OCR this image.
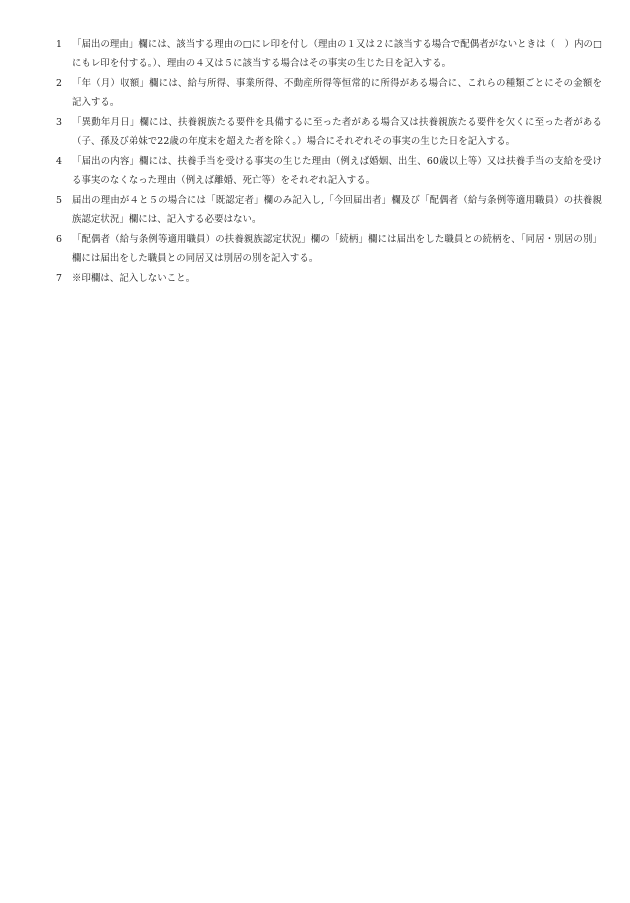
1	「届出の理由」欄には、該当する理由の□にレ印を付し（理由の１又は２に該当する場合で配偶者がないときは（　）内の□にもレ印を付する。）、理由の４又は５に該当する場合はその事実の生じた日を記入する。
2	「年（月）収額」欄には、給与所得、事業所得、不動産所得等恒常的に所得がある場合に、これらの種類ごとにその金額を記入する。
3	「異動年月日」欄には、扶養親族たる要件を具備するに至った者がある場合又は扶養親族たる要件を欠くに至った者がある（子、孫及び弟妹で22歳の年度末を超えた者を除く。）場合にそれぞれその事実の生じた日を記入する。
4	「届出の内容」欄には、扶養手当を受ける事実の生じた理由（例えば婚姻、出生、60歳以上等）又は扶養手当の支給を受ける事実のなくなった理由（例えば離婚、死亡等）をそれぞれ記入する。
5	届出の理由が４と５の場合には「既認定者」欄のみ記入し,「今回届出者」欄及び「配偶者（給与条例等適用職員）の扶養親族認定状況」欄には、記入する必要はない。
6	「配偶者（給与条例等適用職員）の扶養親族認定状況」欄の「続柄」欄には届出をした職員との続柄を、「同居・別居の別」欄には届出をした職員との同居又は別居の別を記入する。
7	※印欄は、記入しないこと。
